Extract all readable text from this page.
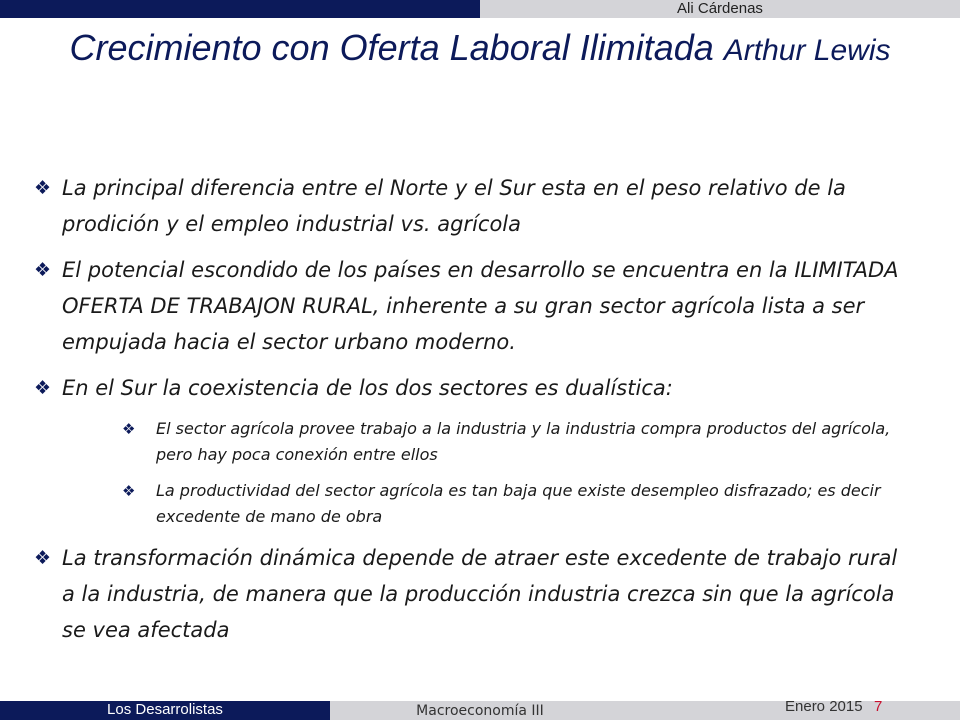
Ali Cárdenas
Crecimiento con Oferta Laboral Ilimitada Arthur Lewis
❖ La principal diferencia entre el Norte y el Sur esta en el peso relativo de la prodición y el empleo industrial vs. agrícola
❖ El potencial escondido de los países en desarrollo se encuentra en la ILIMITADA OFERTA DE TRABAJON RURAL, inherente a su gran sector agrícola lista a ser empujada hacia el sector urbano moderno.
❖ En el Sur la coexistencia de los dos sectores es dualística:
❖ El sector agrícola provee trabajo a la industria y la industria compra productos del agrícola, pero hay poca conexión entre ellos
❖ La productividad del sector agrícola es tan baja que existe desempleo disfrazado; es decir excedente de mano de obra
❖ La transformación dinámica depende de atraer este excedente de trabajo rural a la industria, de manera que la producción industria crezca sin que la agrícola se vea afectada
Los Desarrolistas	Macroeconomía III	Enero 2015 7
